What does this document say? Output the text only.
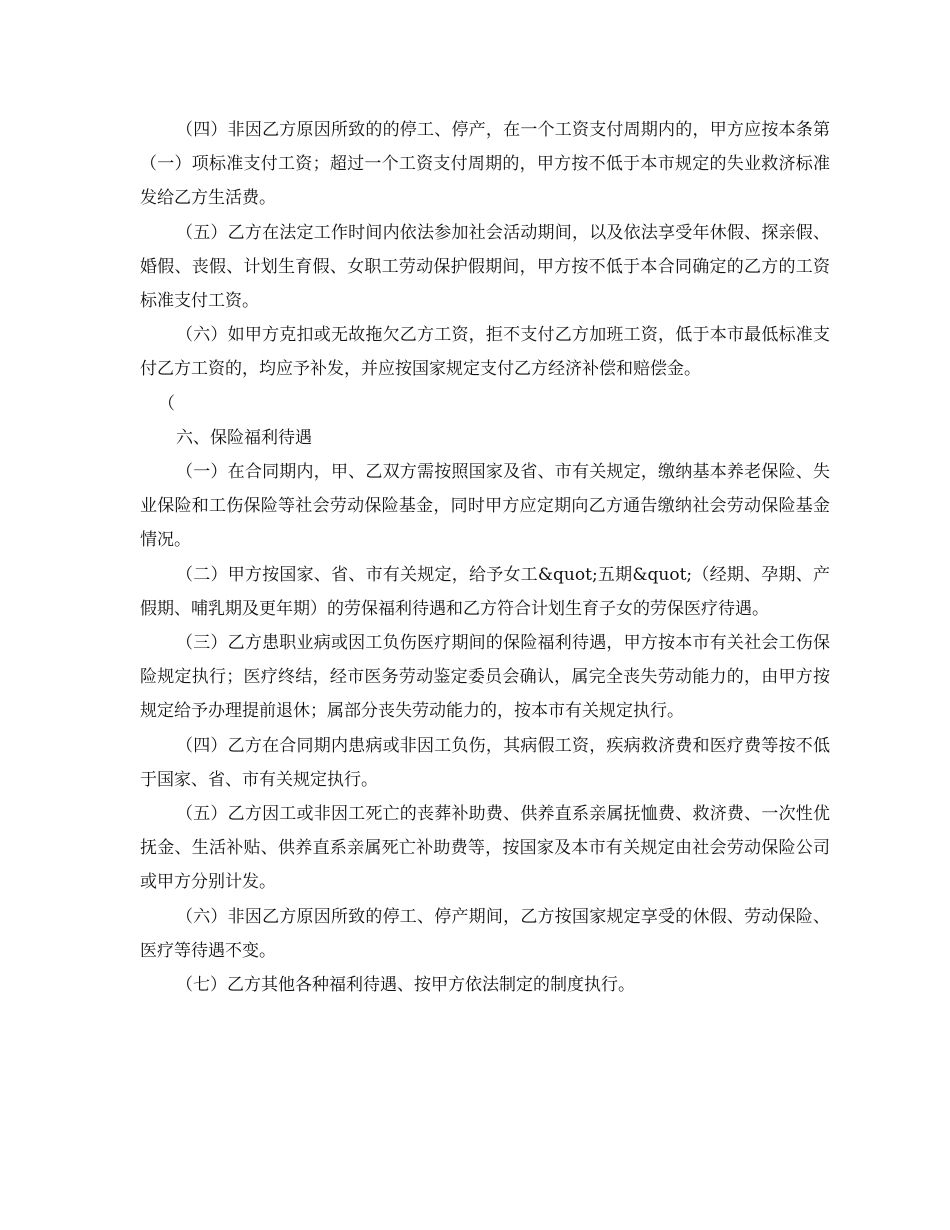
（四）非因乙方原因所致的的停工、停产，在一个工资支付周期内的，甲方应按本条第（一）项标准支付工资；超过一个工资支付周期的，甲方按不低于本市规定的失业救济标准发给乙方生活费。

（五）乙方在法定工作时间内依法参加社会活动期间，以及依法享受年休假、探亲假、婚假、丧假、计划生育假、女职工劳动保护假期间，甲方按不低于本合同确定的乙方的工资标准支付工资。

（六）如甲方克扣或无故拖欠乙方工资，拒不支付乙方加班工资，低于本市最低标准支付乙方工资的，均应予补发，并应按国家规定支付乙方经济补偿和赔偿金。

（

六、保险福利待遇

（一）在合同期内，甲、乙双方需按照国家及省、市有关规定，缴纳基本养老保险、失业保险和工伤保险等社会劳动保险基金，同时甲方应定期向乙方通告缴纳社会劳动保险基金情况。

（二）甲方按国家、省、市有关规定，给予女工&quot;五期&quot;（经期、孕期、产假期、哺乳期及更年期）的劳保福利待遇和乙方符合计划生育子女的劳保医疗待遇。

（三）乙方患职业病或因工负伤医疗期间的保险福利待遇，甲方按本市有关社会工伤保险规定执行；医疗终结，经市医务劳动鉴定委员会确认，属完全丧失劳动能力的，由甲方按规定给予办理提前退休；属部分丧失劳动能力的，按本市有关规定执行。

（四）乙方在合同期内患病或非因工负伤，其病假工资，疾病救济费和医疗费等按不低于国家、省、市有关规定执行。

（五）乙方因工或非因工死亡的丧葬补助费、供养直系亲属抚恤费、救济费、一次性优抚金、生活补贴、供养直系亲属死亡补助费等，按国家及本市有关规定由社会劳动保险公司或甲方分别计发。

（六）非因乙方原因所致的停工、停产期间，乙方按国家规定享受的休假、劳动保险、医疗等待遇不变。

（七）乙方其他各种福利待遇、按甲方依法制定的制度执行。
